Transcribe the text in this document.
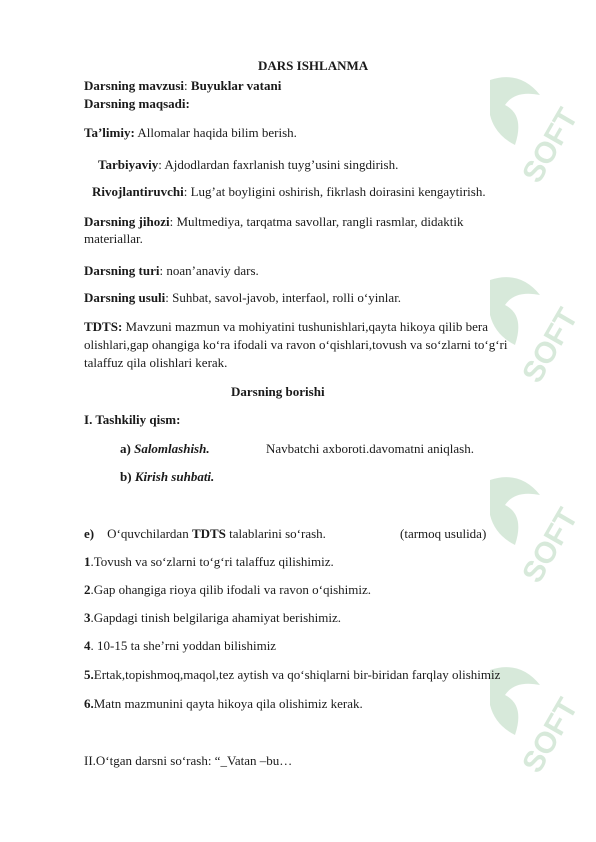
SOFT
SOFT
SOFT
SOFT
DARS ISHLANMA
Darsning mavzusi: Buyuklar vatani
Darsning maqsadi:
Ta’limiy: Allomalar haqida bilim berish.
Tarbiyaviy: Ajdodlardan faxrlanish tuyg’usini singdirish.
Rivojlantiruvchi: Lug’at boyligini oshirish, fikrlash doirasini kengaytirish.
Darsning jihozi: Multmediya, tarqatma savollar, rangli rasmlar, didaktik
materiallar.
Darsning turi: noan’anaviy dars.
Darsning usuli: Suhbat, savol-javob, interfaol, rolli o‘yinlar.
TDTS: Mavzuni mazmun va mohiyatini tushunishlari,qayta hikoya qilib bera
olishlari,gap ohangiga ko‘ra ifodali va ravon o‘qishlari,tovush va so‘zlarni to‘g‘ri
talaffuz qila olishlari kerak.
Darsning borishi
I. Tashkiliy qism:
a) Salomlashish.	Navbatchi axboroti.davomatni aniqlash.
b) Kirish suhbati.
e) O‘quvchilardan TDTS talablarini so‘rash.	(tarmoq usulida)
1.Tovush va so‘zlarni to‘g‘ri talaffuz qilishimiz.
2.Gap ohangiga rioya qilib ifodali va ravon o‘qishimiz.
3.Gapdagi tinish belgilariga ahamiyat berishimiz.
4. 10-15 ta she’rni yoddan bilishimiz
5.Ertak,topishmoq,maqol,tez aytish va qo‘shiqlarni bir-biridan farqlay olishimiz
6.Matn mazmunini qayta hikoya qila olishimiz kerak.
II.O‘tgan darsni so‘rash: “_Vatan –bu…
